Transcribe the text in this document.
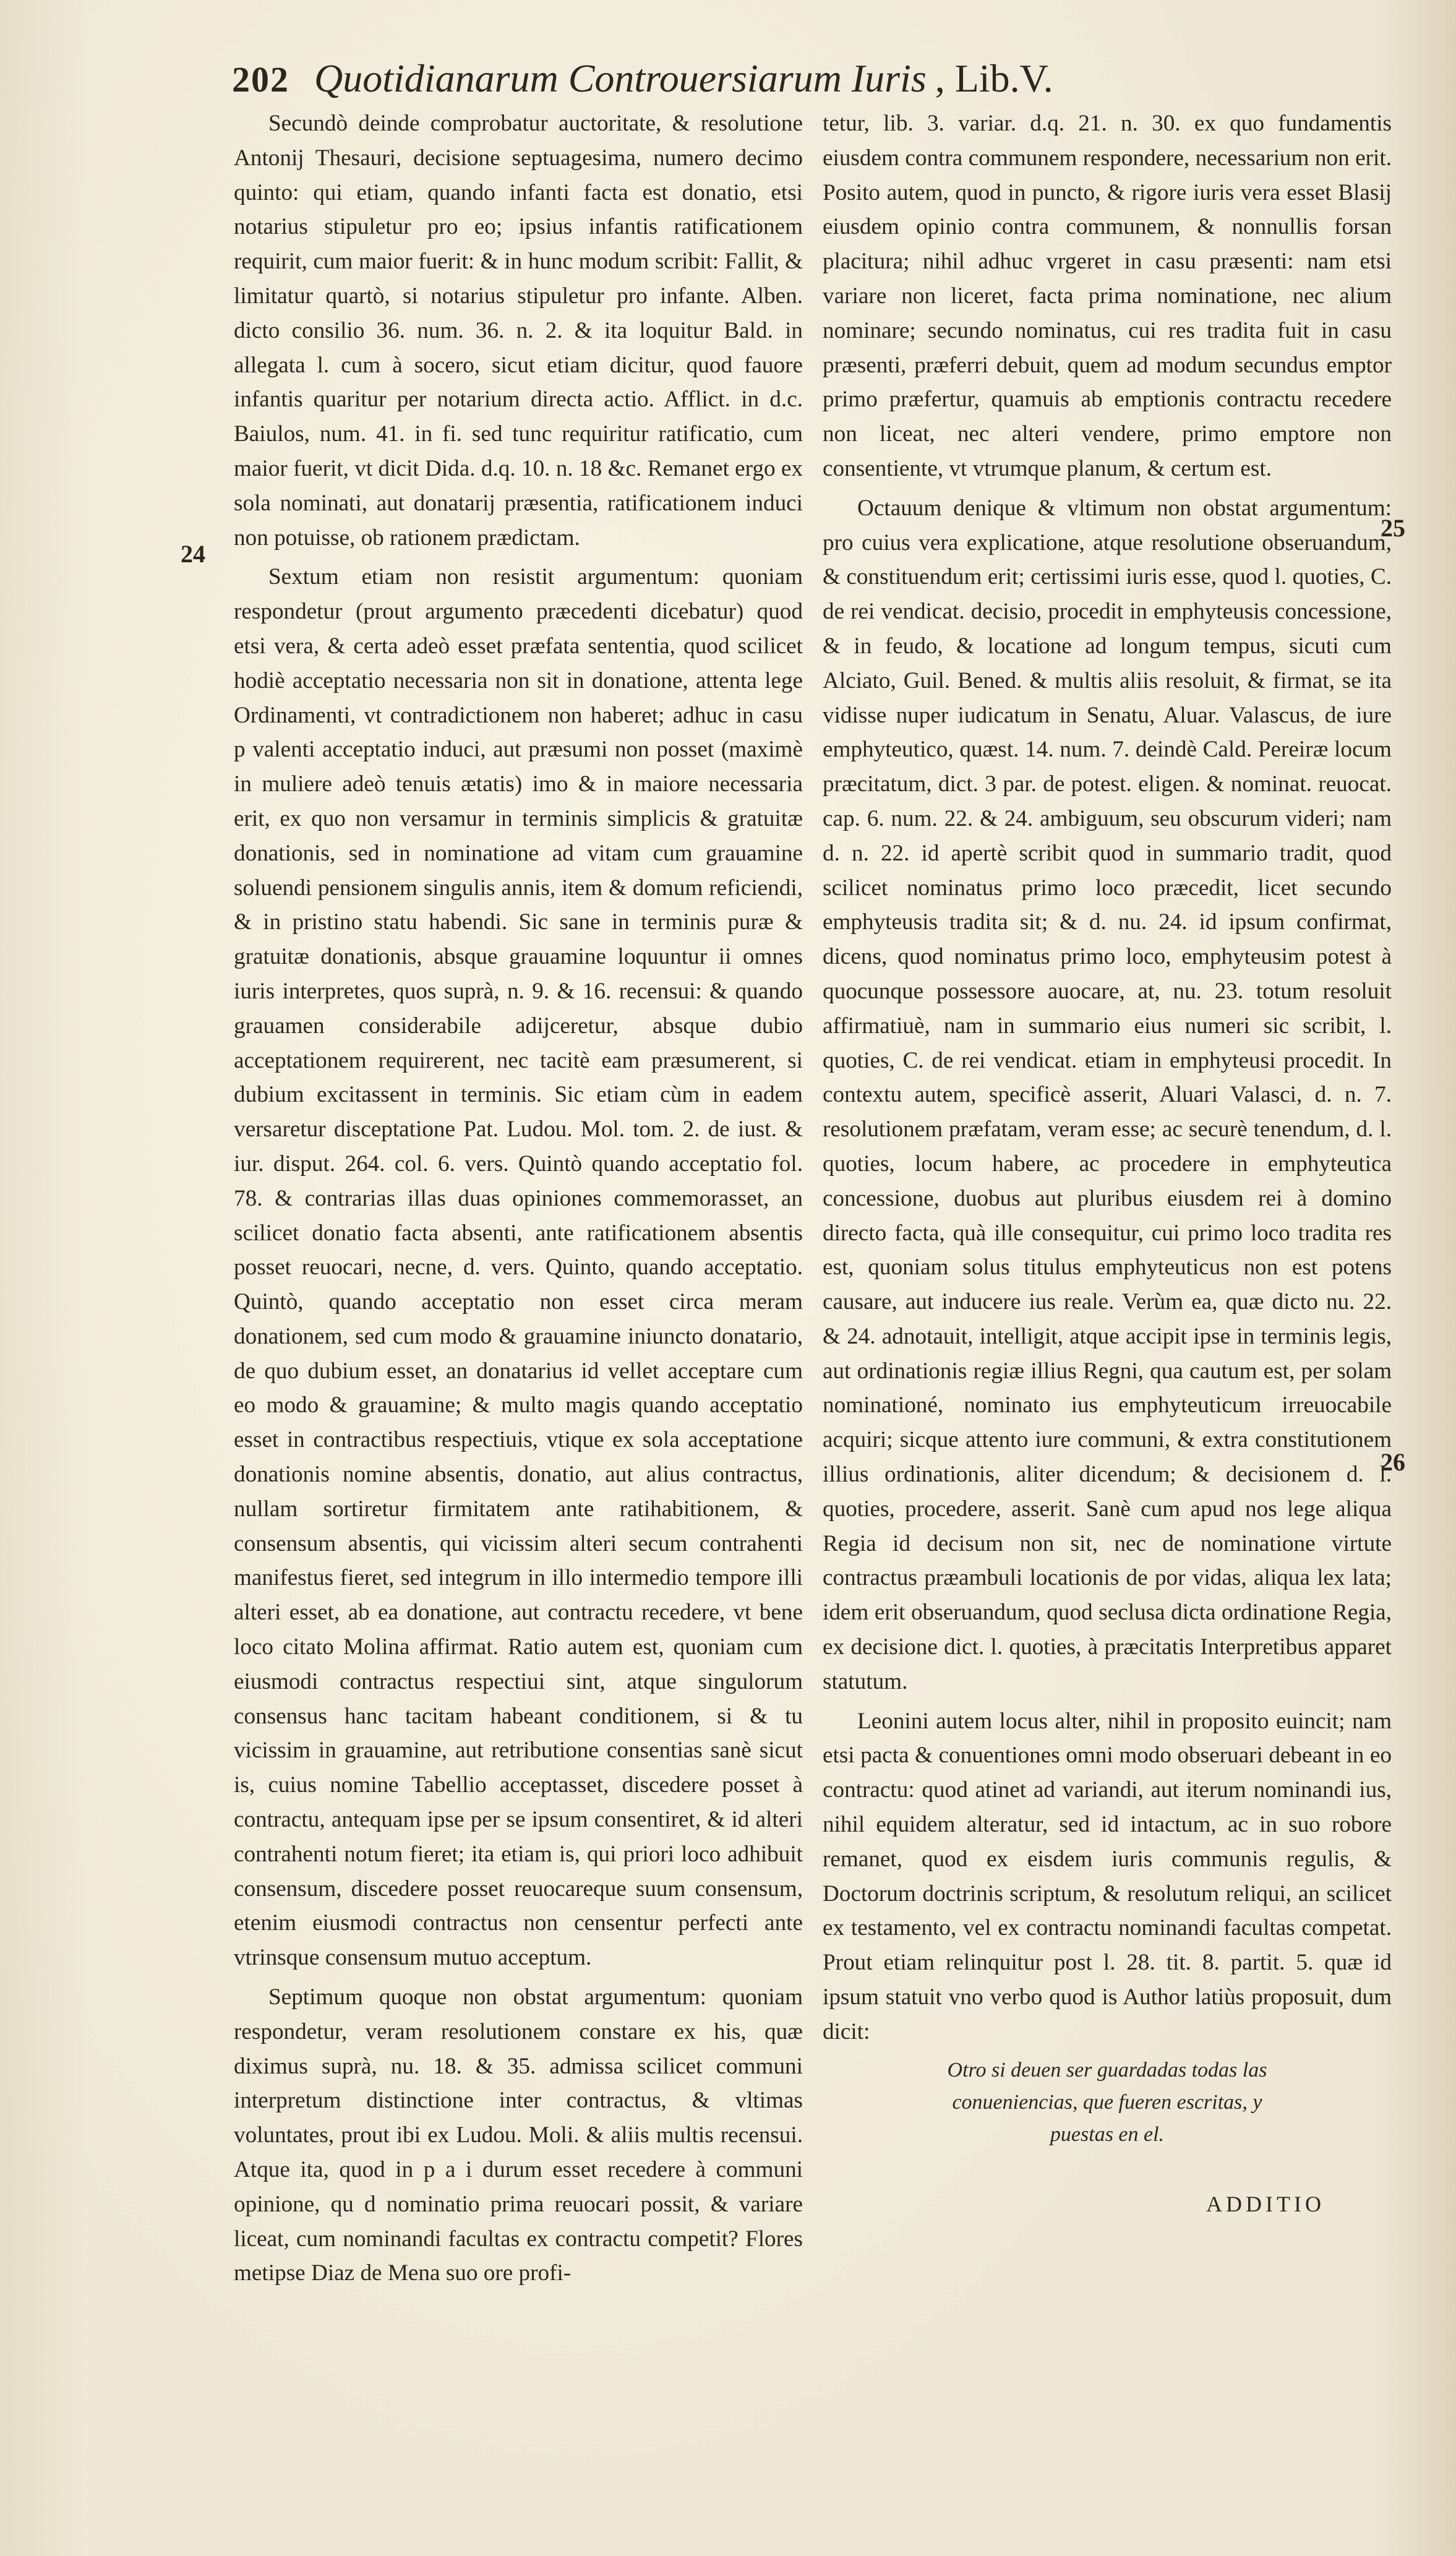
202 Quotidianarum Controuersiarum Iuris , Lib.V.
24
25
26

Secundò deinde comprobatur auctoritate, & resolutione Antonij Thesauri, decisione septuagesima, numero decimo quinto: qui etiam, quando infanti facta est donatio, etsi notarius stipuletur pro eo; ipsius infantis ratificationem requirit, cum maior fuerit: & in hunc modum scribit: Fallit, & limitatur quartò, si notarius stipuletur pro infante. Alben. dicto consilio 36. num. 36. n. 2. & ita loquitur Bald. in allegata l. cum à socero, sicut etiam dicitur, quod fauore infantis quaritur per notarium directa actio. Afflict. in d.c. Baiulos, num. 41. in fi. sed tunc requiritur ratificatio, cum maior fuerit, vt dicit Dida. d.q. 10. n. 18 &c. Remanet ergo ex sola nominati, aut donatarij præsentia, ratificationem induci non potuisse, ob rationem prædictam.

Sextum etiam non resistit argumentum: quoniam respondetur (prout argumento præcedenti dicebatur) quod etsi vera, & certa adeò esset præfata sententia, quod scilicet hodiè acceptatio necessaria non sit in donatione, attenta lege Ordinamenti, vt contradictionem non haberet; adhuc in casu p valenti acceptatio induci, aut præsumi non posset (maximè in muliere adeò tenuis ætatis) imo & in maiore necessaria erit, ex quo non versamur in terminis simplicis & gratuitæ donationis, sed in nominatione ad vitam cum grauamine soluendi pensionem singulis annis, item & domum reficiendi, & in pristino statu habendi. Sic sane in terminis puræ & gratuitæ donationis, absque grauamine loquuntur ii omnes iuris interpretes, quos suprà, n. 9. & 16. recensui: & quando grauamen considerabile adijceretur, absque dubio acceptationem requirerent, nec tacitè eam præsumerent, si dubium excitassent in terminis. Sic etiam cùm in eadem versaretur disceptatione Pat. Ludou. Mol. tom. 2. de iust. & iur. disput. 264. col. 6. vers. Quintò quando acceptatio fol. 78. & contrarias illas duas opiniones commemorasset, an scilicet donatio facta absenti, ante ratificationem absentis posset reuocari, necne, d. vers. Quinto, quando acceptatio. Quintò, quando acceptatio non esset circa meram donationem, sed cum modo & grauamine iniuncto donatario, de quo dubium esset, an donatarius id vellet acceptare cum eo modo & grauamine; & multo magis quando acceptatio esset in contractibus respectiuis, vtique ex sola acceptatione donationis nomine absentis, donatio, aut alius contractus, nullam sortiretur firmitatem ante ratihabitionem, & consensum absentis, qui vicissim alteri secum contrahenti manifestus fieret, sed integrum in illo intermedio tempore illi alteri esset, ab ea donatione, aut contractu recedere, vt bene loco citato Molina affirmat. Ratio autem est, quoniam cum eiusmodi contractus respectiui sint, atque singulorum consensus hanc tacitam habeant conditionem, si & tu vicissim in grauamine, aut retributione consentias sanè sicut is, cuius nomine Tabellio acceptasset, discedere posset à contractu, antequam ipse per se ipsum consentiret, & id alteri contrahenti notum fieret; ita etiam is, qui priori loco adhibuit consensum, discedere posset reuocareque suum consensum, etenim eiusmodi contractus non censentur perfecti ante vtrinsque consensum mutuo acceptum.

Septimum quoque non obstat argumentum: quoniam respondetur, veram resolutionem constare ex his, quæ diximus suprà, nu. 18. & 35. admissa scilicet communi interpretum distinctione inter contractus, & vltimas voluntates, prout ibi ex Ludou. Moli. & aliis multis recensui. Atque ita, quod in p a i durum esset recedere à communi opinione, qu d nominatio prima reuocari possit, & variare liceat, cum nominandi facultas ex contractu competit? Flores metipse Diaz de Mena suo ore profi-

tetur, lib. 3. variar. d.q. 21. n. 30. ex quo fundamentis eiusdem contra communem respondere, necessarium non erit. Posito autem, quod in puncto, & rigore iuris vera esset Blasij eiusdem opinio contra communem, & nonnullis forsan placitura; nihil adhuc vrgeret in casu præsenti: nam etsi variare non liceret, facta prima nominatione, nec alium nominare; secundo nominatus, cui res tradita fuit in casu præsenti, præferri debuit, quem ad modum secundus emptor primo præfertur, quamuis ab emptionis contractu recedere non liceat, nec alteri vendere, primo emptore non consentiente, vt vtrumque planum, & certum est.

Octauum denique & vltimum non obstat argumentum: pro cuius vera explicatione, atque resolutione obseruandum, & constituendum erit; certissimi iuris esse, quod l. quoties, C. de rei vendicat. decisio, procedit in emphyteusis concessione, & in feudo, & locatione ad longum tempus, sicuti cum Alciato, Guil. Bened. & multis aliis resoluit, & firmat, se ita vidisse nuper iudicatum in Senatu, Aluar. Valascus, de iure emphyteutico, quæst. 14. num. 7. deindè Cald. Pereiræ locum præcitatum, dict. 3 par. de potest. eligen. & nominat. reuocat. cap. 6. num. 22. & 24. ambiguum, seu obscurum videri; nam d. n. 22. id apertè scribit quod in summario tradit, quod scilicet nominatus primo loco præcedit, licet secundo emphyteusis tradita sit; & d. nu. 24. id ipsum confirmat, dicens, quod nominatus primo loco, emphyteusim potest à quocunque possessore auocare, at, nu. 23. totum resoluit affirmatiuè, nam in summario eius numeri sic scribit, l. quoties, C. de rei vendicat. etiam in emphyteusi procedit. In contextu autem, specificè asserit, Aluari Valasci, d. n. 7. resolutionem præfatam, veram esse; ac securè tenendum, d. l. quoties, locum habere, ac procedere in emphyteutica concessione, duobus aut pluribus eiusdem rei à domino directo facta, quà ille consequitur, cui primo loco tradita res est, quoniam solus titulus emphyteuticus non est potens causare, aut inducere ius reale. Verùm ea, quæ dicto nu. 22. & 24. adnotauit, intelligit, atque accipit ipse in terminis legis, aut ordinationis regiæ illius Regni, qua cautum est, per solam nominationé, nominato ius emphyteuticum irreuocabile acquiri; sicque attento iure communi, & extra constitutionem illius ordinationis, aliter dicendum; & decisionem d. l. quoties, procedere, asserit. Sanè cum apud nos lege aliqua Regia id decisum non sit, nec de nominatione virtute contractus præambuli locationis de por vidas, aliqua lex lata; idem erit obseruandum, quod seclusa dicta ordinatione Regia, ex decisione dict. l. quoties, à præcitatis Interpretibus apparet statutum.

Leonini autem locus alter, nihil in proposito euincit; nam etsi pacta & conuentiones omni modo obseruari debeant in eo contractu: quod atinet ad variandi, aut iterum nominandi ius, nihil equidem alteratur, sed id intactum, ac in suo robore remanet, quod ex eisdem iuris communis regulis, & Doctorum doctrinis scriptum, & resolutum reliqui, an scilicet ex testamento, vel ex contractu nominandi facultas competat. Prout etiam relinquitur post l. 28. tit. 8. partit. 5. quæ id ipsum statuit vno verbo quod is Author latiùs proposuit, dum dicit:

Otro si deuen ser guardadas todas las conueniencias, que fueren escritas, y puestas en el.
ADDITIO
